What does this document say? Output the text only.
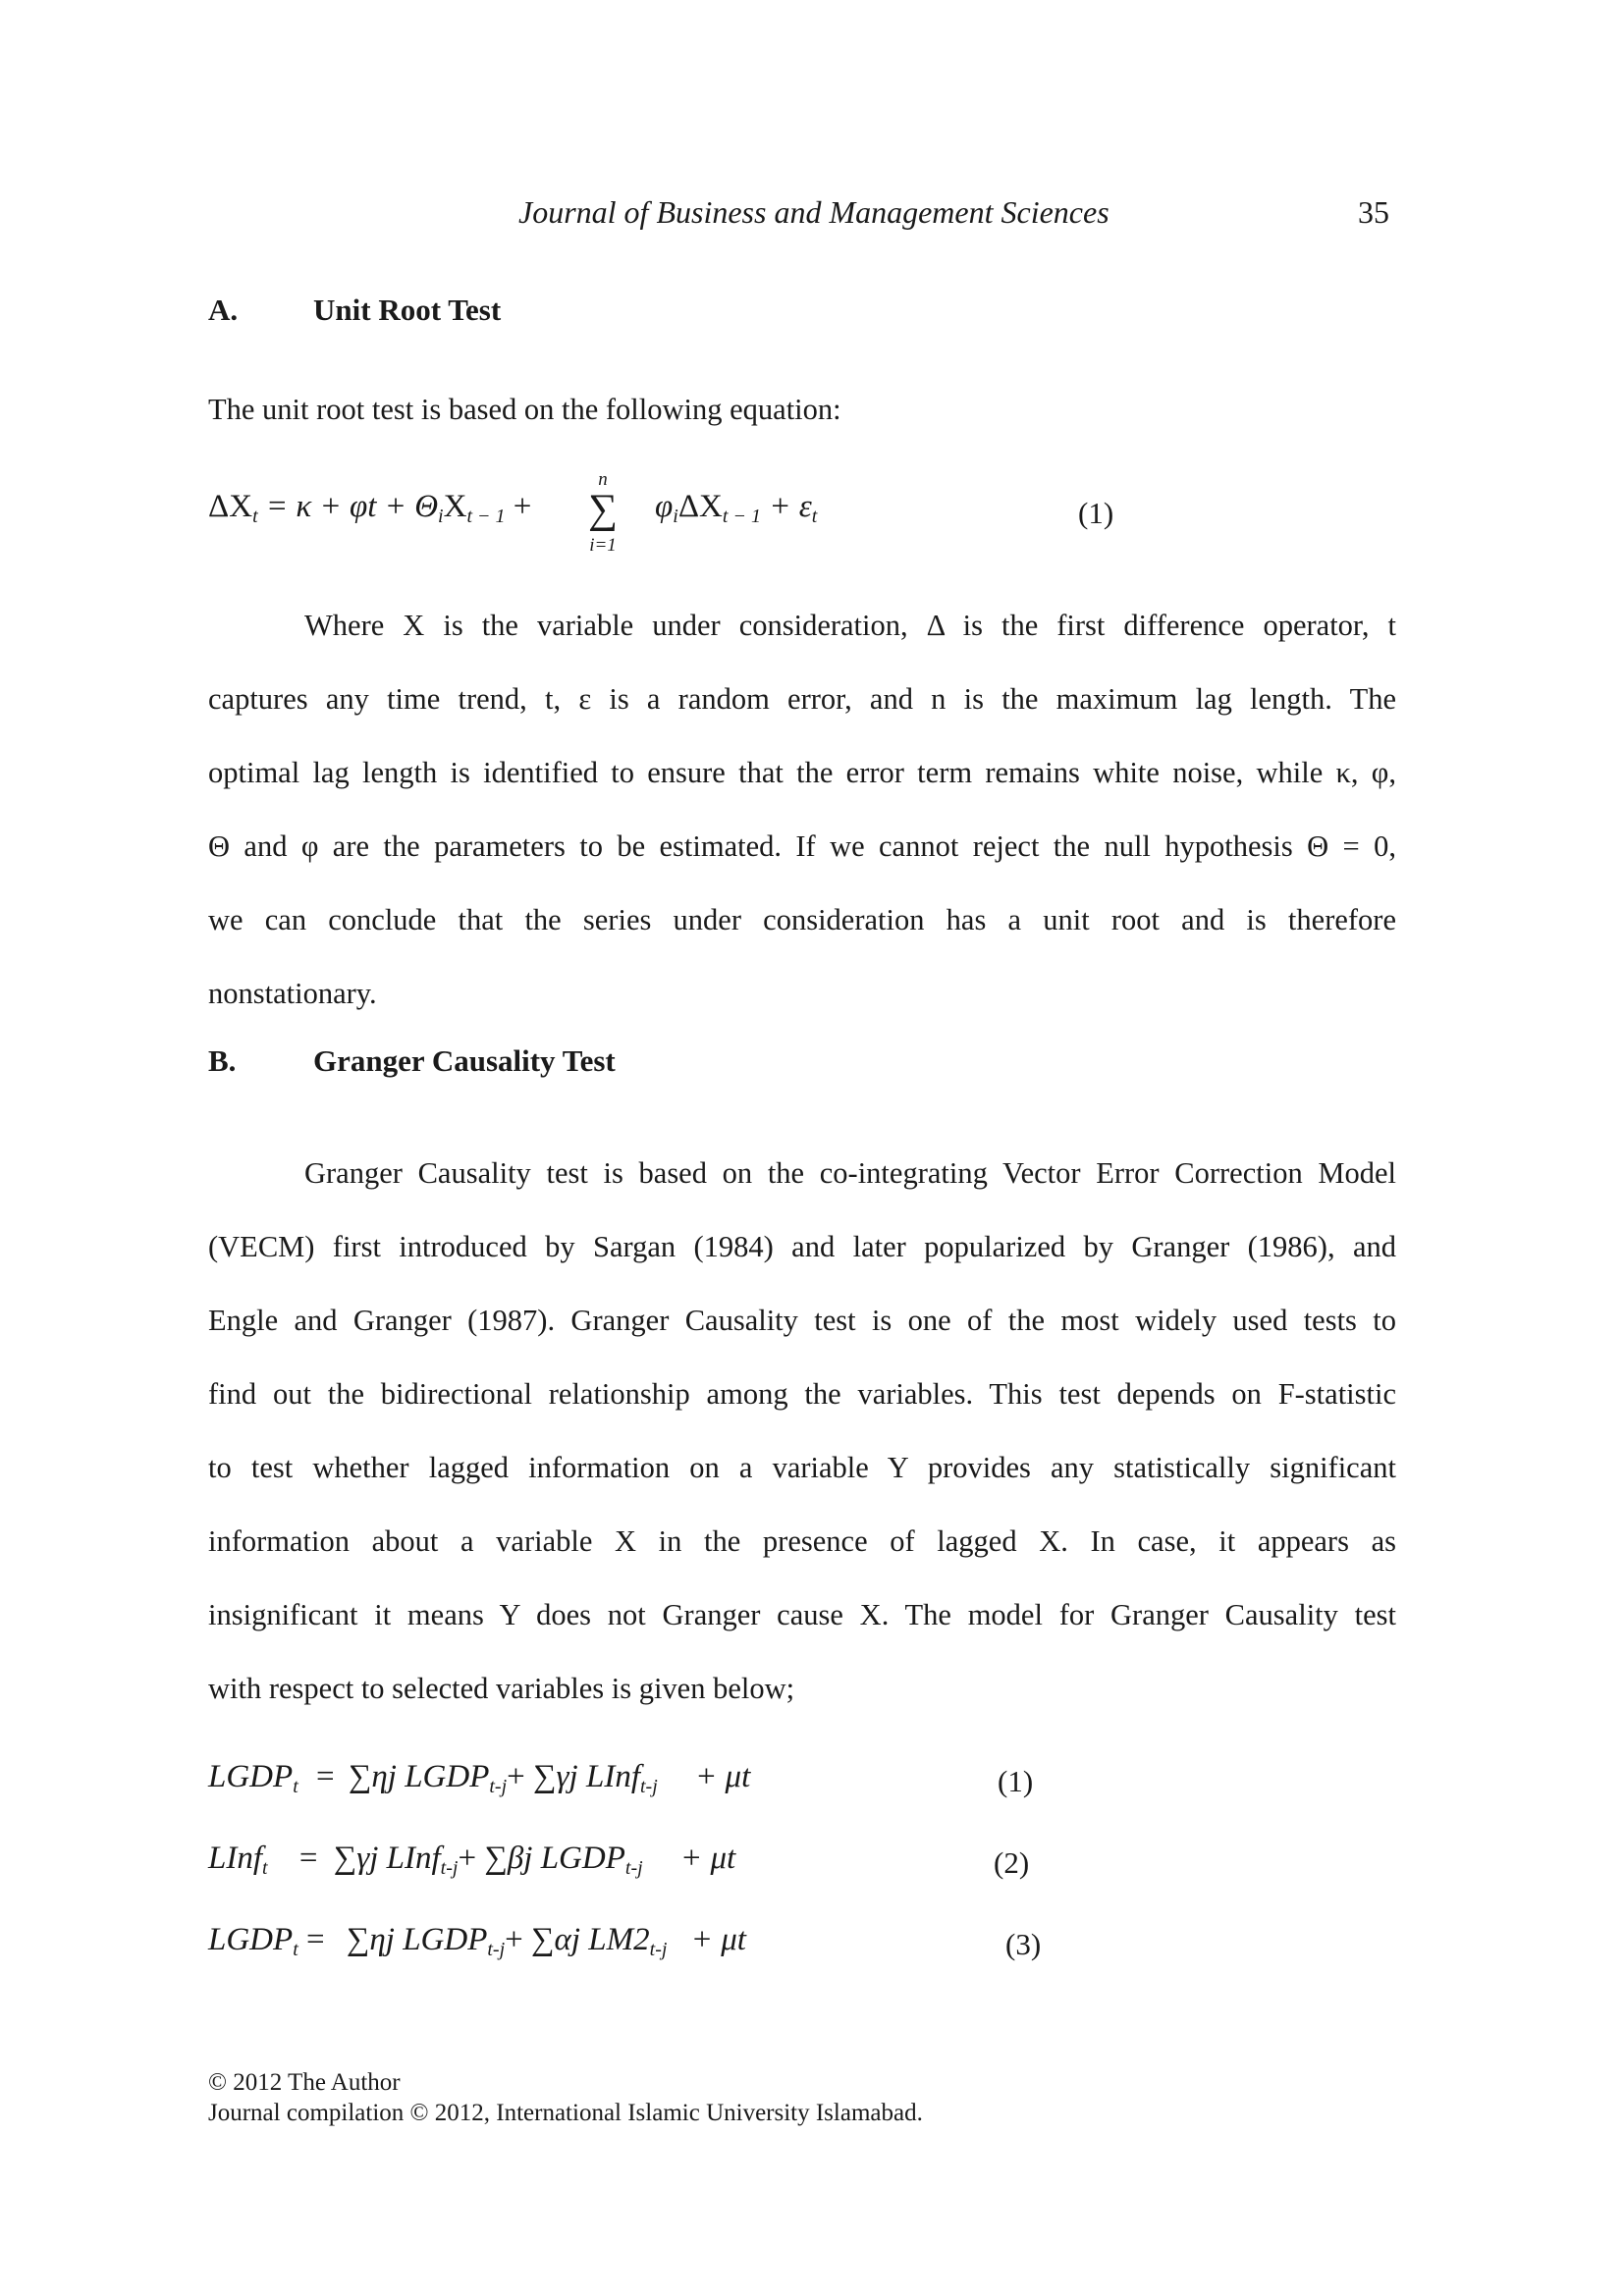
Journal of Business and Management Sciences	35
A. Unit Root Test
The unit root test is based on the following equation:
$\Delta X_t = \kappa + \varphi t + \Theta_iX_{t - 1}$ +
n
∑
i=1
$\varphi_i\Delta X_{t - 1} + \varepsilon_t$	(1)
Where X is the variable under consideration, Δ is the first difference operator, t
captures any time trend, t, ε is a random error, and n is the maximum lag length. The
optimal lag length is identified to ensure that the error term remains white noise, while κ, φ,
Θ and φ are the parameters to be estimated. If we cannot reject the null hypothesis Θ = 0,
we can conclude that the series under consideration has a unit root and is therefore
nonstationary.
B.	Granger Causality Test
Granger Causality test is based on the co-integrating Vector Error Correction Model
(VECM) first introduced by Sargan (1984) and later popularized by Granger (1986), and
Engle and Granger (1987). Granger Causality test is one of the most widely used tests to
find out the bidirectional relationship among the variables. This test depends on F-statistic
to test whether lagged information on a variable Y provides any statistically significant
information about a variable X in the presence of lagged X. In case, it appears as
insignificant it means Y does not Granger cause X. The model for Granger Causality test
with respect to selected variables is given below;
$LGDP_t = \sum\eta j$ $LGDP_{t-j}+ \sum\gamma j$ LInf$_{t-j}$ + μt	(1)
LInf$_t$ = ∑γj LInf$_{t-j}$+ ∑βj $LGDP_{t-j} + \mu t$	(2)
$LGDP_t = \sum\eta j$ $LGDP_{t-j}+ \sum\alpha j$ $LM2_{t-j} + \mu t$	(3)
© 2012 The Author
Journal compilation © 2012, International Islamic University Islamabad.
